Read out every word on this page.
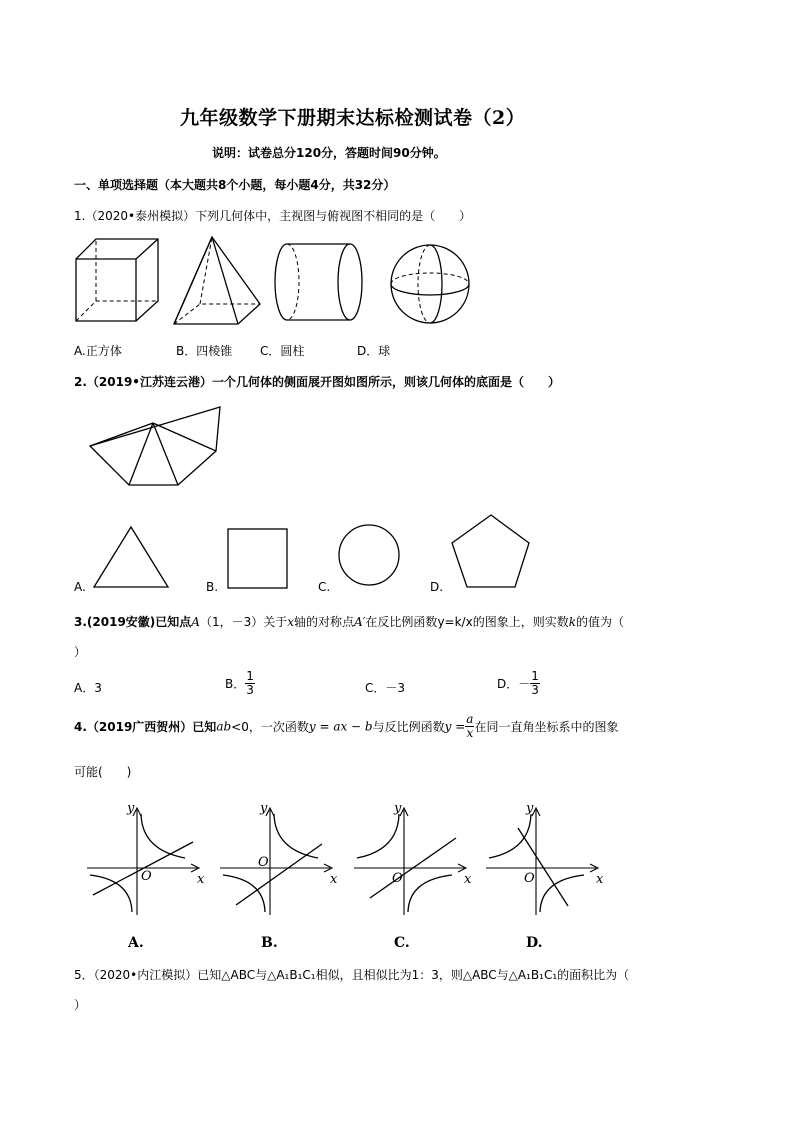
九年级数学下册期末达标检测试卷（2）
说明：试卷总分120分，答题时间90分钟。
一、单项选择题（本大题共8个小题，每小题4分，共32分）
1.（2020•泰州模拟）下列几何体中，主视图与俯视图不相同的是（　　）
A.正方体	B．四棱锥 C．圆柱	D．球
2.（2019•江苏连云港）一个几何体的侧面展开图如图所示，则该几何体的底面是（　　）
A.	B.	C.	D.
3.(2019安徽)已知点A（1，－3）关于x轴的对称点A′在反比例函数y=k/x的图象上，则实数k的值为（
）
A．3	B． $\frac{1}{3}$	C．－3	D．－ $\frac{1}{3}$
4.（2019广西贺州）已知ab<0，一次函数y = ax − b与反比例函数$y = \frac{a}{x}$ 在同一直角坐标系中的图象
可能(　　)
y
x
O
A.
y
x
O
B.
y
x
O
C.
y
x
O
D.
5．（2020•内江模拟）已知△ABC与△A₁B₁C₁相似，且相似比为1：3，则△ABC与△A₁B₁C₁的面积比为（
）
